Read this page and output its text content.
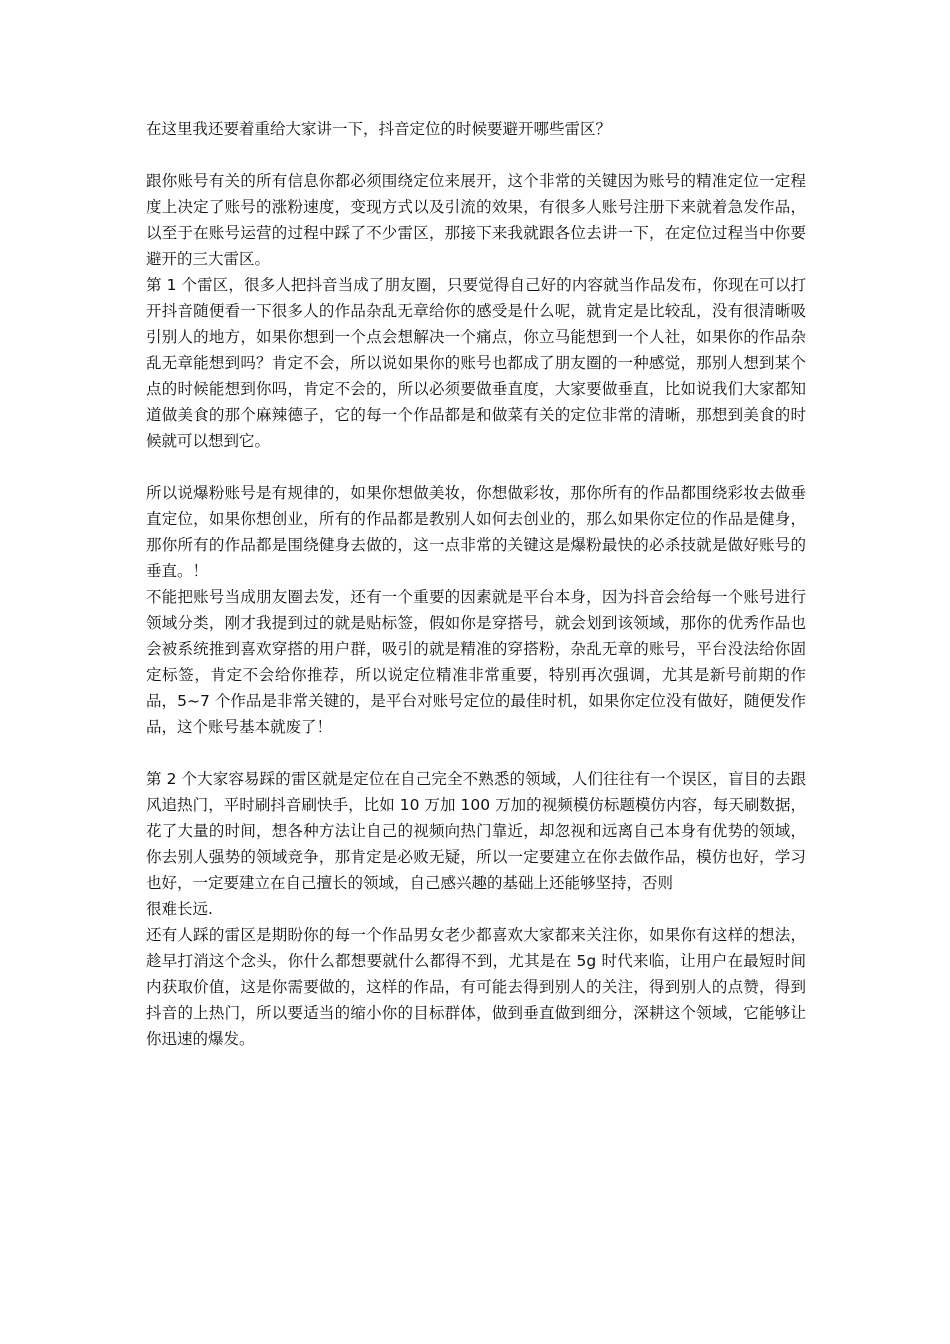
在这里我还要着重给大家讲一下，抖音定位的时候要避开哪些雷区？

跟你账号有关的所有信息你都必须围绕定位来展开，这个非常的关键因为账号的精准定位一定程度上决定了账号的涨粉速度，变现方式以及引流的效果，有很多人账号注册下来就着急发作品，以至于在账号运营的过程中踩了不少雷区，那接下来我就跟各位去讲一下，在定位过程当中你要避开的三大雷区。

第 1 个雷区，很多人把抖音当成了朋友圈，只要觉得自己好的内容就当作品发布，你现在可以打开抖音随便看一下很多人的作品杂乱无章给你的感受是什么呢，就肯定是比较乱，没有很清晰吸引别人的地方，如果你想到一个点会想解决一个痛点，你立马能想到一个人社，如果你的作品杂乱无章能想到吗？肯定不会，所以说如果你的账号也都成了朋友圈的一种感觉，那别人想到某个点的时候能想到你吗，肯定不会的，所以必须要做垂直度，大家要做垂直，比如说我们大家都知道做美食的那个麻辣德子，它的每一个作品都是和做菜有关的定位非常的清晰，那想到美食的时候就可以想到它。

所以说爆粉账号是有规律的，如果你想做美妆，你想做彩妆，那你所有的作品都围绕彩妆去做垂直定位，如果你想创业，所有的作品都是教别人如何去创业的，那么如果你定位的作品是健身，那你所有的作品都是围绕健身去做的，这一点非常的关键这是爆粉最快的必杀技就是做好账号的垂直。！

不能把账号当成朋友圈去发，还有一个重要的因素就是平台本身，因为抖音会给每一个账号进行领域分类，刚才我提到过的就是贴标签，假如你是穿搭号，就会划到该领域，那你的优秀作品也会被系统推到喜欢穿搭的用户群，吸引的就是精准的穿搭粉，杂乱无章的账号，平台没法给你固定标签，肯定不会给你推荐，所以说定位精准非常重要，特别再次强调，尤其是新号前期的作品，5~7 个作品是非常关键的，是平台对账号定位的最佳时机，如果你定位没有做好，随便发作品，这个账号基本就废了！

第 2 个大家容易踩的雷区就是定位在自己完全不熟悉的领域，人们往往有一个误区，盲目的去跟风追热门，平时刷抖音刷快手，比如 10 万加 100 万加的视频模仿标题模仿内容，每天刷数据，花了大量的时间，想各种方法让自己的视频向热门靠近，却忽视和远离自己本身有优势的领域，你去别人强势的领域竞争，那肯定是必败无疑，所以一定要建立在你去做作品，模仿也好，学习也好，一定要建立在自己擅长的领域，自己感兴趣的基础上还能够坚持，否则

很难长远.

还有人踩的雷区是期盼你的每一个作品男女老少都喜欢大家都来关注你，如果你有这样的想法，趁早打消这个念头，你什么都想要就什么都得不到，尤其是在 5g 时代来临，让用户在最短时间内获取价值，这是你需要做的，这样的作品，有可能去得到别人的关注，得到别人的点赞，得到抖音的上热门，所以要适当的缩小你的目标群体，做到垂直做到细分，深耕这个领域，它能够让你迅速的爆发。
